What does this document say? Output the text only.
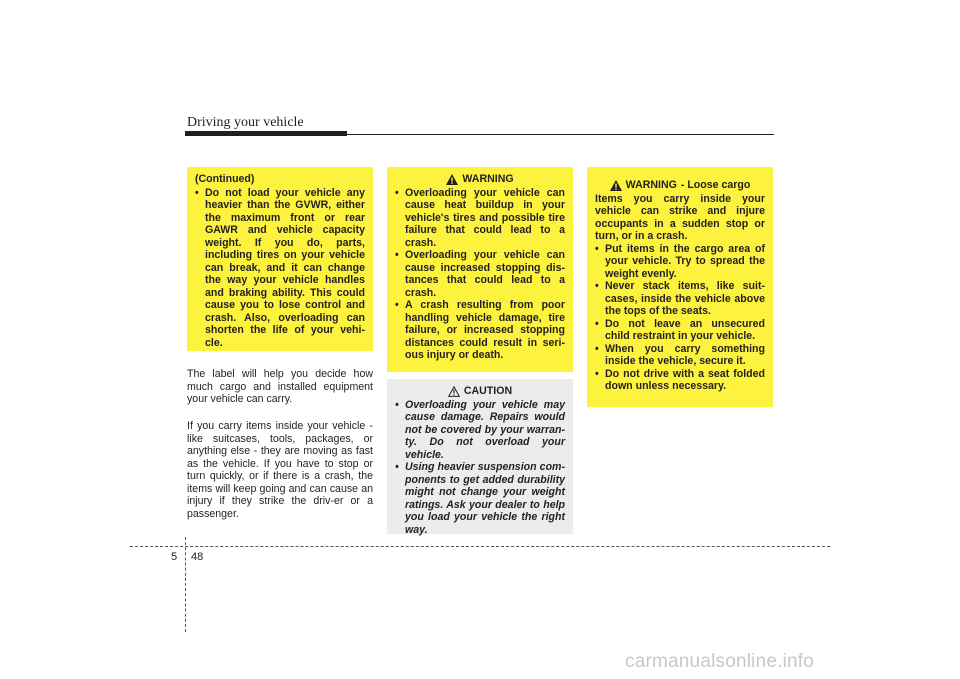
Driving your vehicle
(Continued)
• Do not load your vehicle any heavier than the GVWR, either the maximum front or rear GAWR and vehicle capacity weight. If you do, parts, including tires on your vehicle can break, and it can change the way your vehicle handles and braking ability. This could cause you to lose control and crash. Also, overloading can shorten the life of your vehi-cle.
The label will help you decide how much cargo and installed equipment your vehicle can carry.
If you carry items inside your vehicle - like suitcases, tools, packages, or anything else - they are moving as fast as the vehicle. If you have to stop or turn quickly, or if there is a crash, the items will keep going and can cause an injury if they strike the driv-er or a passenger.
WARNING
• Overloading your vehicle can cause heat buildup in your vehicle's tires and possible tire failure that could lead to a crash.
• Overloading your vehicle can cause increased stopping dis-tances that could lead to a crash.
• A crash resulting from poor handling vehicle damage, tire failure, or increased stopping distances could result in seri-ous injury or death.
CAUTION
• Overloading your vehicle may cause damage. Repairs would not be covered by your warran-ty. Do not overload your vehicle.
• Using heavier suspension com-ponents to get added durability might not change your weight ratings. Ask your dealer to help you load your vehicle the right way.
WARNING - Loose cargo
Items you carry inside your vehicle can strike and injure occupants in a sudden stop or turn, or in a crash.
• Put items in the cargo area of your vehicle. Try to spread the weight evenly.
• Never stack items, like suit-cases, inside the vehicle above the tops of the seats.
• Do not leave an unsecured child restraint in your vehicle.
• When you carry something inside the vehicle, secure it.
• Do not drive with a seat folded down unless necessary.
5 48
carmanualsonline.info
